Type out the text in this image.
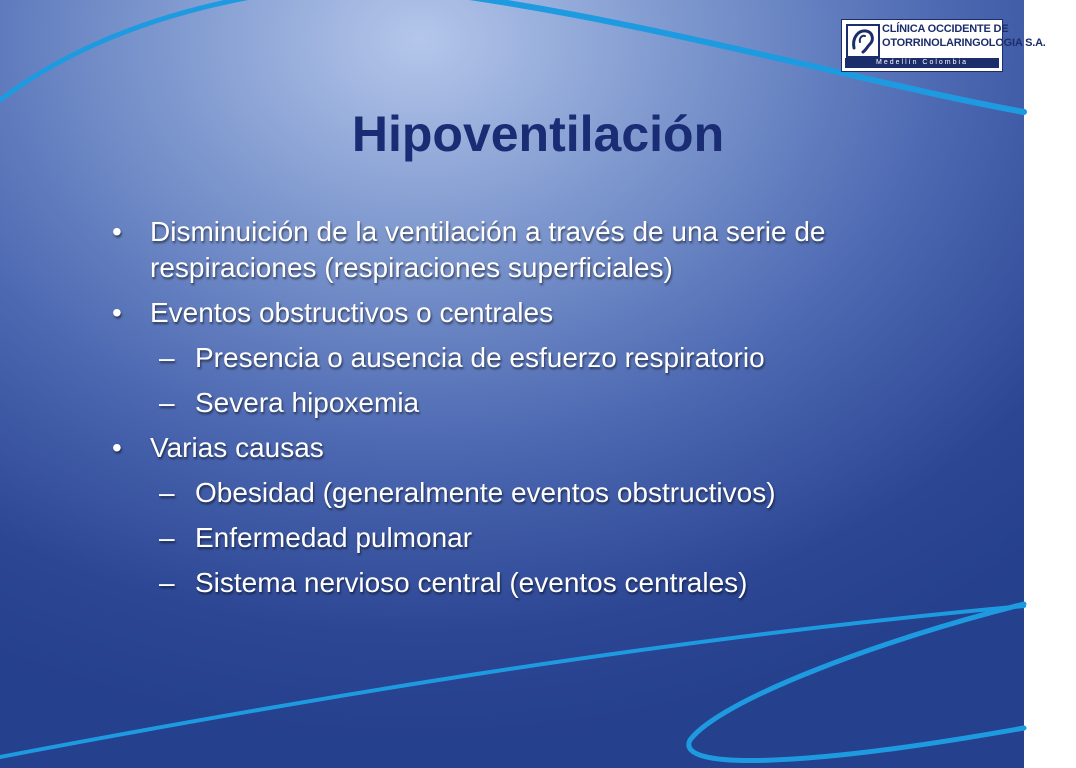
CLÍNICA OCCIDENTE DE
OTORRINOLARINGOLOGIA S.A.
Medellín Colombia
Hipoventilación

• Disminuición de la ventilación a través de una serie de respiraciones (respiraciones superficiales)

• Eventos obstructivos o centrales

– Presencia o ausencia de esfuerzo respiratorio

– Severa hipoxemia

• Varias causas

– Obesidad (generalmente eventos obstructivos)

– Enfermedad pulmonar

– Sistema nervioso central (eventos centrales)
